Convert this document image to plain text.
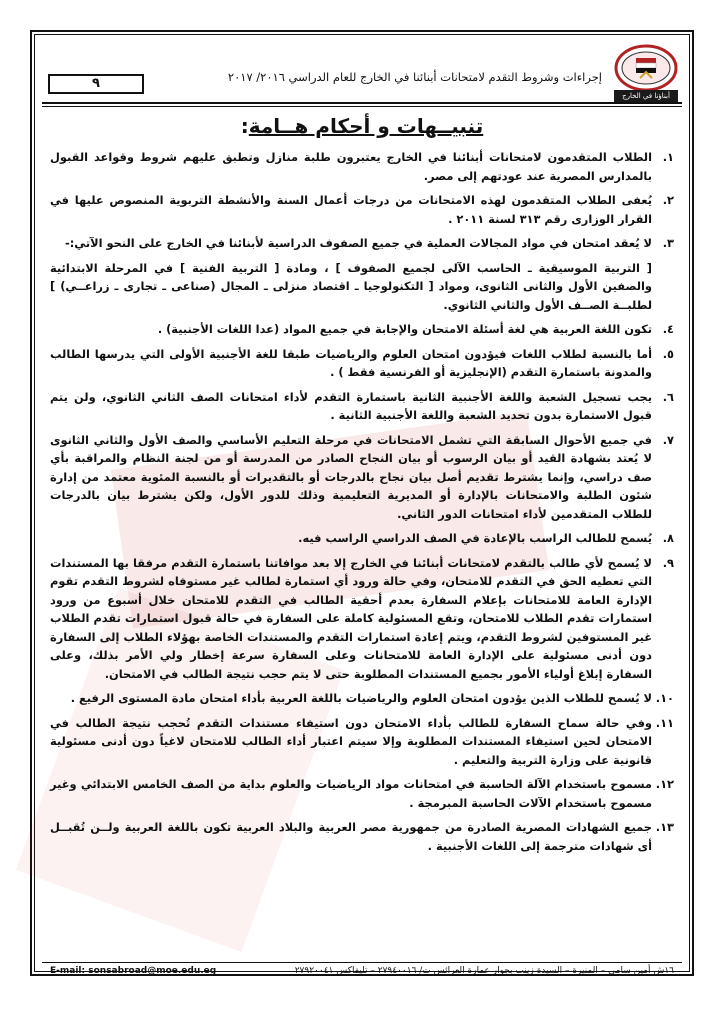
٩	إجراءات وشروط التقدم لامتحانات أبنائنا في الخارج للعام الدراسي ٢٠١٦/ ٢٠١٧
أبناؤنا في الخارج
تنبيــهات و أحكام هــامة:
١.
الطلاب المتقدمون لامتحانات أبنائنا في الخارج يعتبرون طلبة منازل وتطبق عليهم شروط وقواعد القبول بالمدارس المصرية عند عودتهم إلى مصر.
٢.
يُعفى الطلاب المتقدمون لهذه الامتحانات من درجات أعمال السنة والأنشطة التربوية المنصوص عليها في القرار الوزارى رقم ٣١٣ لسنة ٢٠١١ .
٣.
لا يُعقد امتحان في مواد المجالات العملية في جميع الصفوف الدراسية لأبنائنا في الخارج على النحو الآتي:-
[ التربية الموسيقية ـ الحاسب الآلى لجميع الصفوف ] ، ومادة [ التربية الفنية ] في المرحلة الابتدائية والصفين الأول والثانى الثانوى، ومواد [ التكنولوجيا ـ اقتصاد منزلى ـ المجال (صناعى ـ تجارى ـ زراعــي) ] لطلبــة الصــف الأول والثاني الثانوي.
٤.
تكون اللغة العربية هي لغة أسئلة الامتحان والإجابة في جميع المواد (عدا اللغات الأجنبية) .
٥.
أما بالنسبة لطلاب اللغات فيؤدون امتحان العلوم والرياضيات طبقا للغة الأجنبية الأولى التي يدرسها الطالب والمدونة باستمارة التقدم (الإنجليزية أو الفرنسية فقط ) .
٦.
يجب تسجيل الشعبة واللغة الأجنبية الثانية باستمارة التقدم لأداء امتحانات الصف الثاني الثانوي، ولن يتم قبول الاستمارة بدون تحديد الشعبة واللغة الأجنبية الثانية .
٧.
في جميع الأحوال السابقة التي تشمل الامتحانات في مرحلة التعليم الأساسي والصف الأول والثاني الثانوى لا يُعتد بشهادة القيد أو بيان الرسوب أو بيان النجاح الصادر من المدرسة أو من لجنة النظام والمراقبة بأي صف دراسي، وإنما يشترط تقديم أصل بيان نجاح بالدرجات أو بالتقديرات أو بالنسبة المئوية معتمد من إدارة شئون الطلبة والامتحانات بالإدارة أو المديرية التعليمية وذلك للدور الأول، ولكن يشترط بيان بالدرجات للطلاب المتقدمين لأداء امتحانات الدور الثاني.
٨.
يُسمح للطالب الراسب بالإعادة في الصف الدراسي الراسب فيه.
٩.
لا يُسمح لأي طالب بالتقدم لامتحانات أبنائنا في الخارج إلا بعد موافاتنا باستمارة التقدم مرفقا بها المستندات التي تعطيه الحق في التقدم للامتحان، وفي حالة ورود أي استمارة لطالب غير مستوفاه لشروط التقدم تقوم الإدارة العامة للامتحانات بإعلام السفارة بعدم أحقية الطالب في التقدم للامتحان خلال أسبوع من ورود استمارات تقدم الطلاب للامتحان، وتقع المسئولية كاملة على السفارة في حالة قبول استمارات تقدم الطلاب غير المستوفين لشروط التقدم، ويتم إعادة استمارات التقدم والمستندات الخاصة بهؤلاء الطلاب إلى السفارة دون أدنى مسئولية على الإدارة العامة للامتحانات وعلى السفارة سرعة إخطار ولي الأمر بذلك، وعلى السفارة إبلاغ أولياء الأمور بجميع المستندات المطلوبة حتى لا يتم حجب نتيجة الطالب في الامتحان.
١٠.
لا يُسمح للطلاب الذين يؤدون امتحان العلوم والرياضيات باللغة العربية بأداء امتحان مادة المستوى الرفيع .
١١.
وفي حالة سماح السفارة للطالب بأداء الامتحان دون استيفاء مستندات التقدم تُحجب نتيجة الطالب في الامتحان لحين استيفاء المستندات المطلوبة وإلا سيتم اعتبار أداء الطالب للامتحان لاغياً دون أدنى مسئولية قانونية على وزارة التربية والتعليم .
١٢.
مسموح باستخدام الآلة الحاسبة في امتحانات مواد الرياضيات والعلوم بداية من الصف الخامس الابتدائي وغير مسموح باستخدام الآلات الحاسبة المبرمجة .
١٣.
جميع الشهادات المصرية الصادرة من جمهورية مصر العربية والبلاد العربية تكون باللغة العربية ولــن تُقبــل أى شهادات مترجمة إلى اللغات الأجنبية .
E-mail: sonsabroad@moe.edu.eg	١٦ش أمين سامي – المنيرة – السيدة زينب بجوار عمارة العرائس ت/ ٢٧٩٤٠٠١٦ – تليفاكس ٢٧٩٢٠٠٤١
